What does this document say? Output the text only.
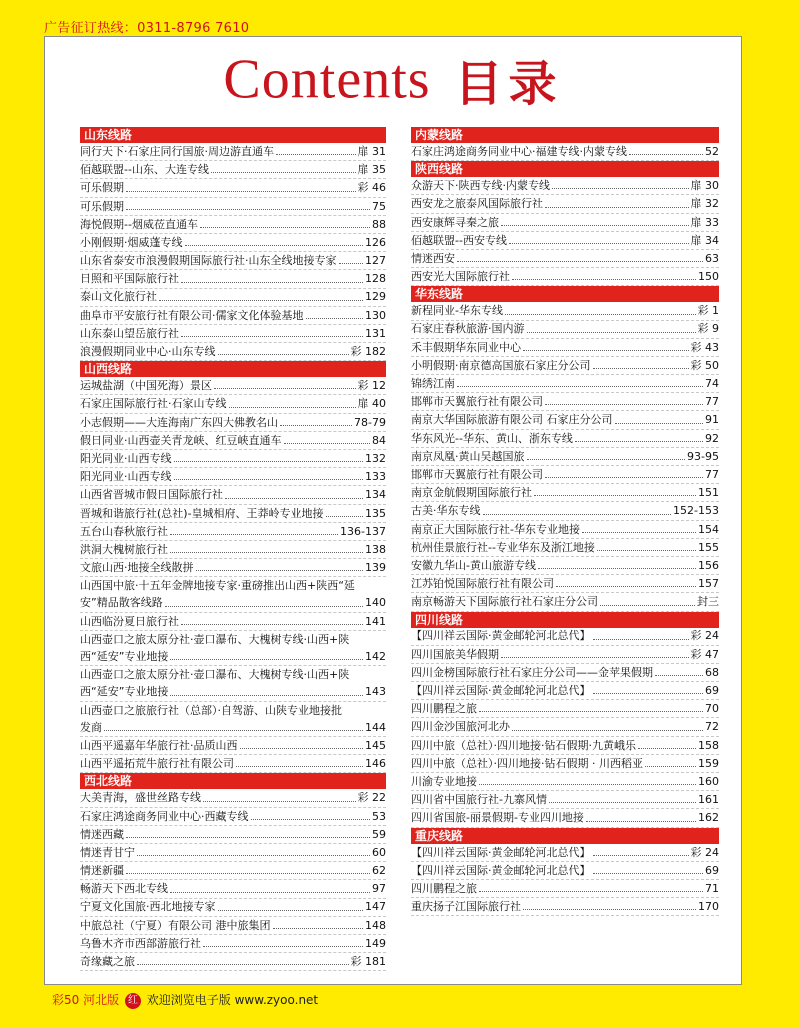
广告征订热线：0311-8796 7610
Contents 目录
山东线路
同行天下·石家庄同行国旅·周边游直通车	扉 31
佰越联盟--山东、大连专线	扉 35
可乐假期	彩 46
可乐假期	75
海悦假期--烟威莅直通车	88
小刚假期·烟威蓬专线	126
山东省泰安市浪漫假期国际旅行社·山东全线地接专家	127
日照和平国际旅行社	128
泰山文化旅行社	129
曲阜市平安旅行社有限公司·儒家文化体验基地	130
山东泰山望岳旅行社	131
浪漫假期同业中心·山东专线	彩 182
山西线路
运城盐湖（中国死海）景区	彩 12
石家庄国际旅行社·石家山专线	扉 40
小志假期——大连海南广东四大佛教名山	78-79
假日同业·山西壶关青龙峡、红豆峡直通车	84
阳光同业·山西专线	132
阳光同业·山西专线	133
山西省晋城市假日国际旅行社	134
晋城和谐旅行社(总社)-皇城相府、王莽岭专业地接	135
五台山春秋旅行社	136-137
洪洞大槐树旅行社	138
文旅山西·地接全线散拼	139
山西国中旅·十五年金牌地接专家·重磅推出山西+陕西“延
安”精品散客线路	140
山西临汾夏日旅行社	141
山西壶口之旅太原分社·壶口瀑布、大槐树专线·山西+陕
西“延安”专业地接	142
山西壶口之旅太原分社·壶口瀑布、大槐树专线·山西+陕
西“延安”专业地接	143
山西壶口之旅旅行社（总部）·自驾游、山陕专业地接批
发商	144
山西平遥嘉年华旅行社·品质山西	145
山西平遥拓荒牛旅行社有限公司	146
西北线路
大美青海，盛世丝路专线	彩 22
石家庄鸿途商务同业中心·西藏专线	53
情迷西藏	59
情迷青甘宁	60
情迷新疆	62
畅游天下西北专线	97
宁夏文化国旅·西北地接专家	147
中旅总社（宁夏）有限公司 港中旅集团	148
乌鲁木齐市西部游旅行社	149
奇缘藏之旅	彩 181
内蒙线路
石家庄鸿途商务同业中心·福建专线·内蒙专线	52
陕西线路
众游天下·陕西专线·内蒙专线	扉 30
西安龙之旅泰风国际旅行社	扉 32
西安康辉寻秦之旅	扉 33
佰越联盟--西安专线	扉 34
情迷西安	63
西安光大国际旅行社	150
华东线路
新程同业-华东专线	彩 1
石家庄春秋旅游·国内游	彩 9
禾丰假期华东同业中心	彩 43
小明假期·南京德高国旅石家庄分公司	彩 50
锦绣江南	74
邯郸市天翼旅行社有限公司	77
南京大华国际旅游有限公司 石家庄分公司	91
华东风光--华东、黄山、浙东专线	92
南京凤凰·黄山吴越国旅	93-95
邯郸市天翼旅行社有限公司	77
南京金航假期国际旅行社	151
古美·华东专线	152-153
南京正大国际旅行社-华东专业地接	154
杭州佳景旅行社--专业华东及浙江地接	155
安徽九华山-黄山旅游专线	156
江苏铂悦国际旅行社有限公司	157
南京畅游天下国际旅行社石家庄分公司	封三
四川线路
【四川祥云国际·黄金邮轮河北总代】	彩 24
四川国旅美华假期	彩 47
四川金榜国际旅行社石家庄分公司——金苹果假期	68
【四川祥云国际·黄金邮轮河北总代】	69
四川鹏程之旅	70
四川金沙国旅河北办	72
四川中旅（总社）·四川地接·钻石假期·九黄峨乐	158
四川中旅（总社）·四川地接·钻石假期 · 川西稻亚	159
川渝专业地接	160
四川省中国旅行社-九寨风情	161
四川省国旅-丽景假期-专业四川地接	162
重庆线路
【四川祥云国际·黄金邮轮河北总代】	彩 24
【四川祥云国际·黄金邮轮河北总代】	69
四川鹏程之旅	71
重庆扬子江国际旅行社	170
彩50 河北版 红 欢迎浏览电子版 www.zyoo.net
